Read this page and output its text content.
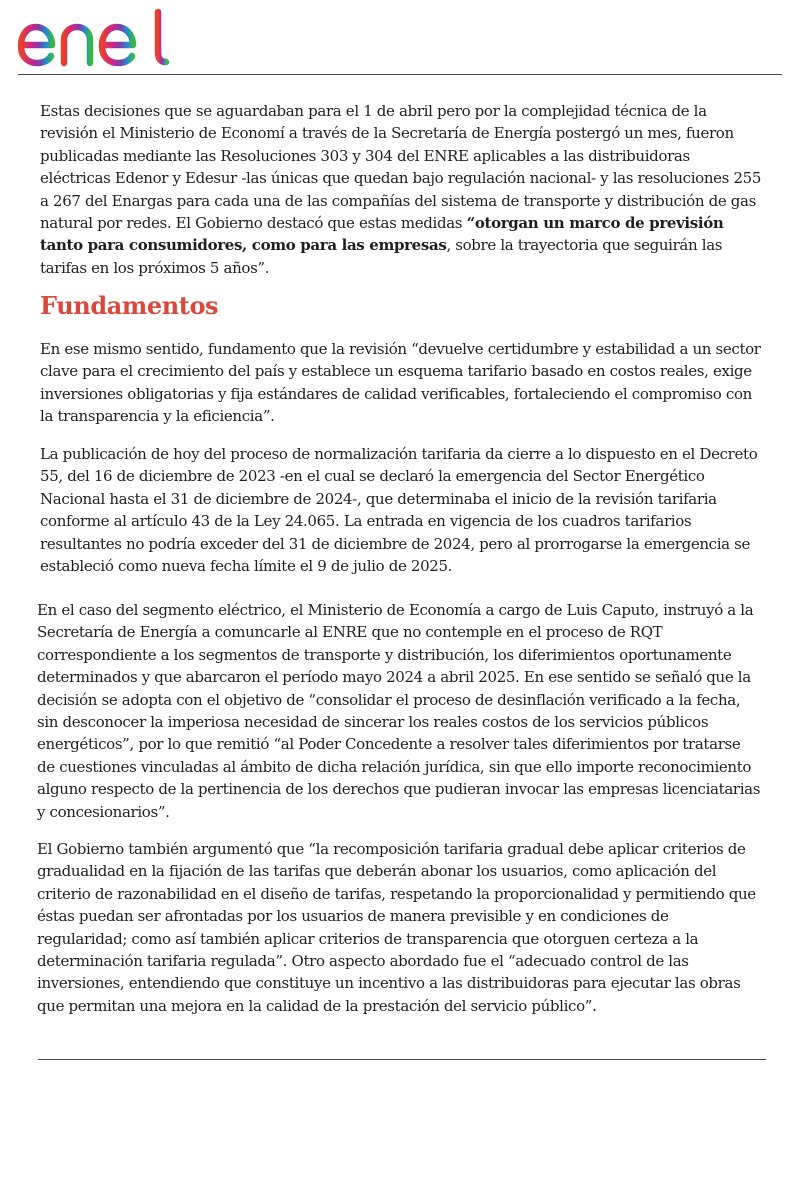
Estas decisiones que se aguardaban para el 1 de abril pero por la complejidad técnica de la revisión el Ministerio de Economí a través de la Secretaría de Energía postergó un mes, fueron publicadas mediante las Resoluciones 303 y 304 del ENRE aplicables a las distribuidoras eléctricas Edenor y Edesur -las únicas que quedan bajo regulación nacional- y las resoluciones 255 a 267 del Enargas para cada una de las compañías del sistema de transporte y distribución de gas natural por redes. El Gobierno destacó que estas medidas “otorgan un marco de previsión tanto para consumidores, como para las empresas, sobre la trayectoria que seguirán las tarifas en los próximos 5 años”.

Fundamentos

En ese mismo sentido, fundamento que la revisión “devuelve certidumbre y estabilidad a un sector clave para el crecimiento del país y establece un esquema tarifario basado en costos reales, exige inversiones obligatorias y fija estándares de calidad verificables, fortaleciendo el compromiso con la transparencia y la eficiencia”.

La publicación de hoy del proceso de normalización tarifaria da cierre a lo dispuesto en el Decreto 55, del 16 de diciembre de 2023 -en el cual se declaró la emergencia del Sector Energético Nacional hasta el 31 de diciembre de 2024-, que determinaba el inicio de la revisión tarifaria conforme al artículo 43 de la Ley 24.065. La entrada en vigencia de los cuadros tarifarios resultantes no podría exceder del 31 de diciembre de 2024, pero al prorrogarse la emergencia se estableció como nueva fecha límite el 9 de julio de 2025.

En el caso del segmento eléctrico, el Ministerio de Economía a cargo de Luis Caputo, instruyó a la Secretaría de Energía a comuncarle al ENRE que no contemple en el proceso de RQT correspondiente a los segmentos de transporte y distribución, los diferimientos oportunamente determinados y que abarcaron el período mayo 2024 a abril 2025. En ese sentido se señaló que la decisión se adopta con el objetivo de “consolidar el proceso de desinflación verificado a la fecha, sin desconocer la imperiosa necesidad de sincerar los reales costos de los servicios públicos energéticos”, por lo que remitió “al Poder Concedente a resolver tales diferimientos por tratarse de cuestiones vinculadas al ámbito de dicha relación jurídica, sin que ello importe reconocimiento alguno respecto de la pertinencia de los derechos que pudieran invocar las empresas licenciatarias y concesionarios”.

El Gobierno también argumentó que “la recomposición tarifaria gradual debe aplicar criterios de gradualidad en la fijación de las tarifas que deberán abonar los usuarios, como aplicación del criterio de razonabilidad en el diseño de tarifas, respetando la proporcionalidad y permitiendo que éstas puedan ser afrontadas por los usuarios de manera previsible y en condiciones de regularidad; como así también aplicar criterios de transparencia que otorguen certeza a la determinación tarifaria regulada”. Otro aspecto abordado fue el “adecuado control de las inversiones, entendiendo que constituye un incentivo a las distribuidoras para ejecutar las obras que permitan una mejora en la calidad de la prestación del servicio público”.
